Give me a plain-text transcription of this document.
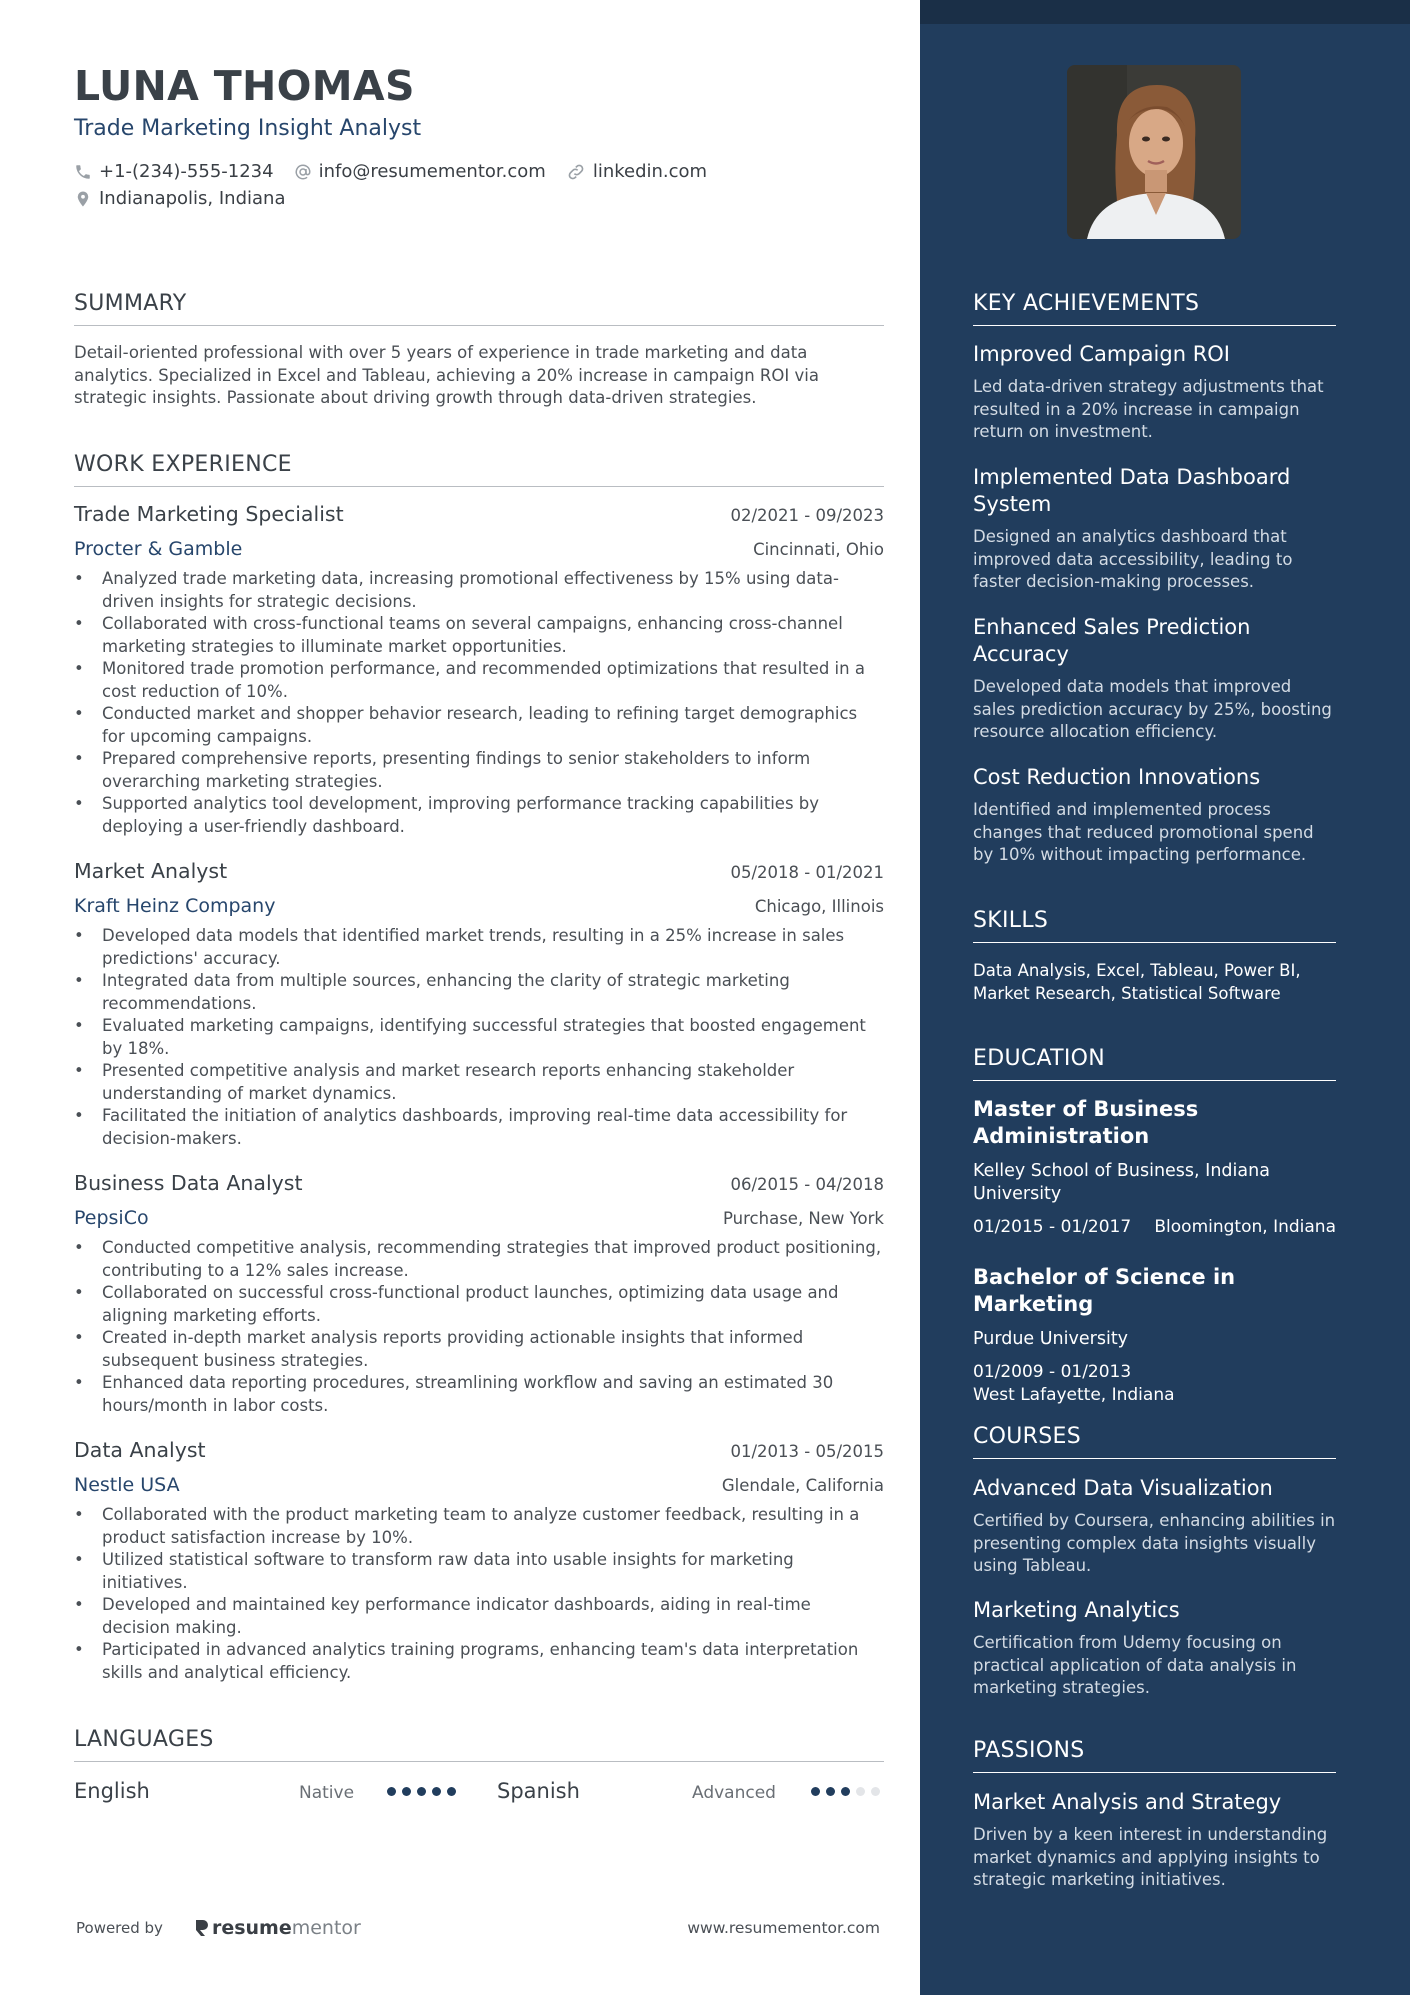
LUNA THOMAS
Trade Marketing Insight Analyst
+1-(234)-555-1234	info@resumementor.com	linkedin.com
Indianapolis, Indiana
SUMMARY
Detail-oriented professional with over 5 years of experience in trade marketing and data analytics. Specialized in Excel and Tableau, achieving a 20% increase in campaign ROI via strategic insights. Passionate about driving growth through data-driven strategies.
WORK EXPERIENCE
Trade Marketing Specialist	02/2021 - 09/2023
Procter & Gamble	Cincinnati, Ohio
• Analyzed trade marketing data, increasing promotional effectiveness by 15% using data-driven insights for strategic decisions.
• Collaborated with cross-functional teams on several campaigns, enhancing cross-channel marketing strategies to illuminate market opportunities.
• Monitored trade promotion performance, and recommended optimizations that resulted in a cost reduction of 10%.
• Conducted market and shopper behavior research, leading to refining target demographics for upcoming campaigns.
• Prepared comprehensive reports, presenting findings to senior stakeholders to inform overarching marketing strategies.
• Supported analytics tool development, improving performance tracking capabilities by deploying a user-friendly dashboard.
Market Analyst	05/2018 - 01/2021
Kraft Heinz Company	Chicago, Illinois
• Developed data models that identified market trends, resulting in a 25% increase in sales predictions' accuracy.
• Integrated data from multiple sources, enhancing the clarity of strategic marketing recommendations.
• Evaluated marketing campaigns, identifying successful strategies that boosted engagement by 18%.
• Presented competitive analysis and market research reports enhancing stakeholder understanding of market dynamics.
• Facilitated the initiation of analytics dashboards, improving real-time data accessibility for decision-makers.
Business Data Analyst	06/2015 - 04/2018
PepsiCo	Purchase, New York
• Conducted competitive analysis, recommending strategies that improved product positioning, contributing to a 12% sales increase.
• Collaborated on successful cross-functional product launches, optimizing data usage and aligning marketing efforts.
• Created in-depth market analysis reports providing actionable insights that informed subsequent business strategies.
• Enhanced data reporting procedures, streamlining workflow and saving an estimated 30 hours/month in labor costs.
Data Analyst	01/2013 - 05/2015
Nestle USA	Glendale, California
• Collaborated with the product marketing team to analyze customer feedback, resulting in a product satisfaction increase by 10%.
• Utilized statistical software to transform raw data into usable insights for marketing initiatives.
• Developed and maintained key performance indicator dashboards, aiding in real-time decision making.
• Participated in advanced analytics training programs, enhancing team's data interpretation skills and analytical efficiency.
LANGUAGES
English	Native	Spanish	Advanced
Powered by	resume mentor	www.resumementor.com
KEY ACHIEVEMENTS
Improved Campaign ROI
Led data-driven strategy adjustments that resulted in a 20% increase in campaign return on investment.
Implemented Data Dashboard System
Designed an analytics dashboard that improved data accessibility, leading to faster decision-making processes.
Enhanced Sales Prediction Accuracy
Developed data models that improved sales prediction accuracy by 25%, boosting resource allocation efficiency.
Cost Reduction Innovations
Identified and implemented process changes that reduced promotional spend by 10% without impacting performance.
SKILLS
Data Analysis, Excel, Tableau, Power BI, Market Research, Statistical Software
EDUCATION
Master of Business Administration
Kelley School of Business, Indiana University
01/2015 - 01/2017 Bloomington, Indiana
Bachelor of Science in Marketing
Purdue University
01/2009 - 01/2013
West Lafayette, Indiana
COURSES
Advanced Data Visualization
Certified by Coursera, enhancing abilities in presenting complex data insights visually using Tableau.
Marketing Analytics
Certification from Udemy focusing on practical application of data analysis in marketing strategies.
PASSIONS
Market Analysis and Strategy
Driven by a keen interest in understanding market dynamics and applying insights to strategic marketing initiatives.
